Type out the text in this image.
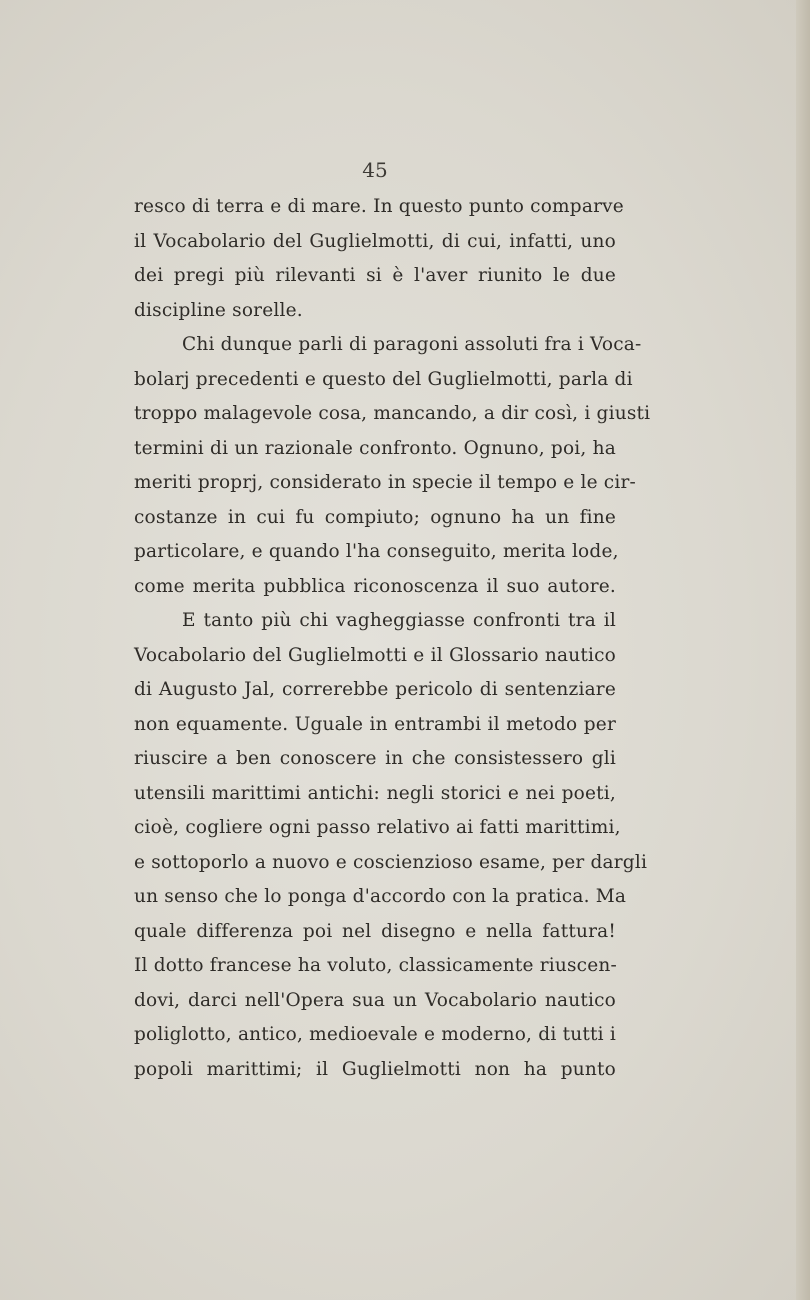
45
resco di terra e di mare. In questo punto comparve
il Vocabolario del Guglielmotti, di cui, infatti, uno
dei pregi più rilevanti si è l'aver riunito le due
discipline sorelle.
Chi dunque parli di paragoni assoluti fra i Voca-
bolarj precedenti e questo del Guglielmotti, parla di
troppo malagevole cosa, mancando, a dir così, i giusti
termini di un razionale confronto. Ognuno, poi, ha
meriti proprj, considerato in specie il tempo e le cir-
costanze in cui fu compiuto; ognuno ha un fine
particolare, e quando l'ha conseguito, merita lode,
come merita pubblica riconoscenza il suo autore.
E tanto più chi vagheggiasse confronti tra il
Vocabolario del Guglielmotti e il Glossario nautico
di Augusto Jal, correrebbe pericolo di sentenziare
non equamente. Uguale in entrambi il metodo per
riuscire a ben conoscere in che consistessero gli
utensili marittimi antichi: negli storici e nei poeti,
cioè, cogliere ogni passo relativo ai fatti marittimi,
e sottoporlo a nuovo e coscienzioso esame, per dargli
un senso che lo ponga d'accordo con la pratica. Ma
quale differenza poi nel disegno e nella fattura!
Il dotto francese ha voluto, classicamente riuscen-
dovi, darci nell'Opera sua un Vocabolario nautico
poliglotto, antico, medioevale e moderno, di tutti i
popoli marittimi; il Guglielmotti non ha punto
